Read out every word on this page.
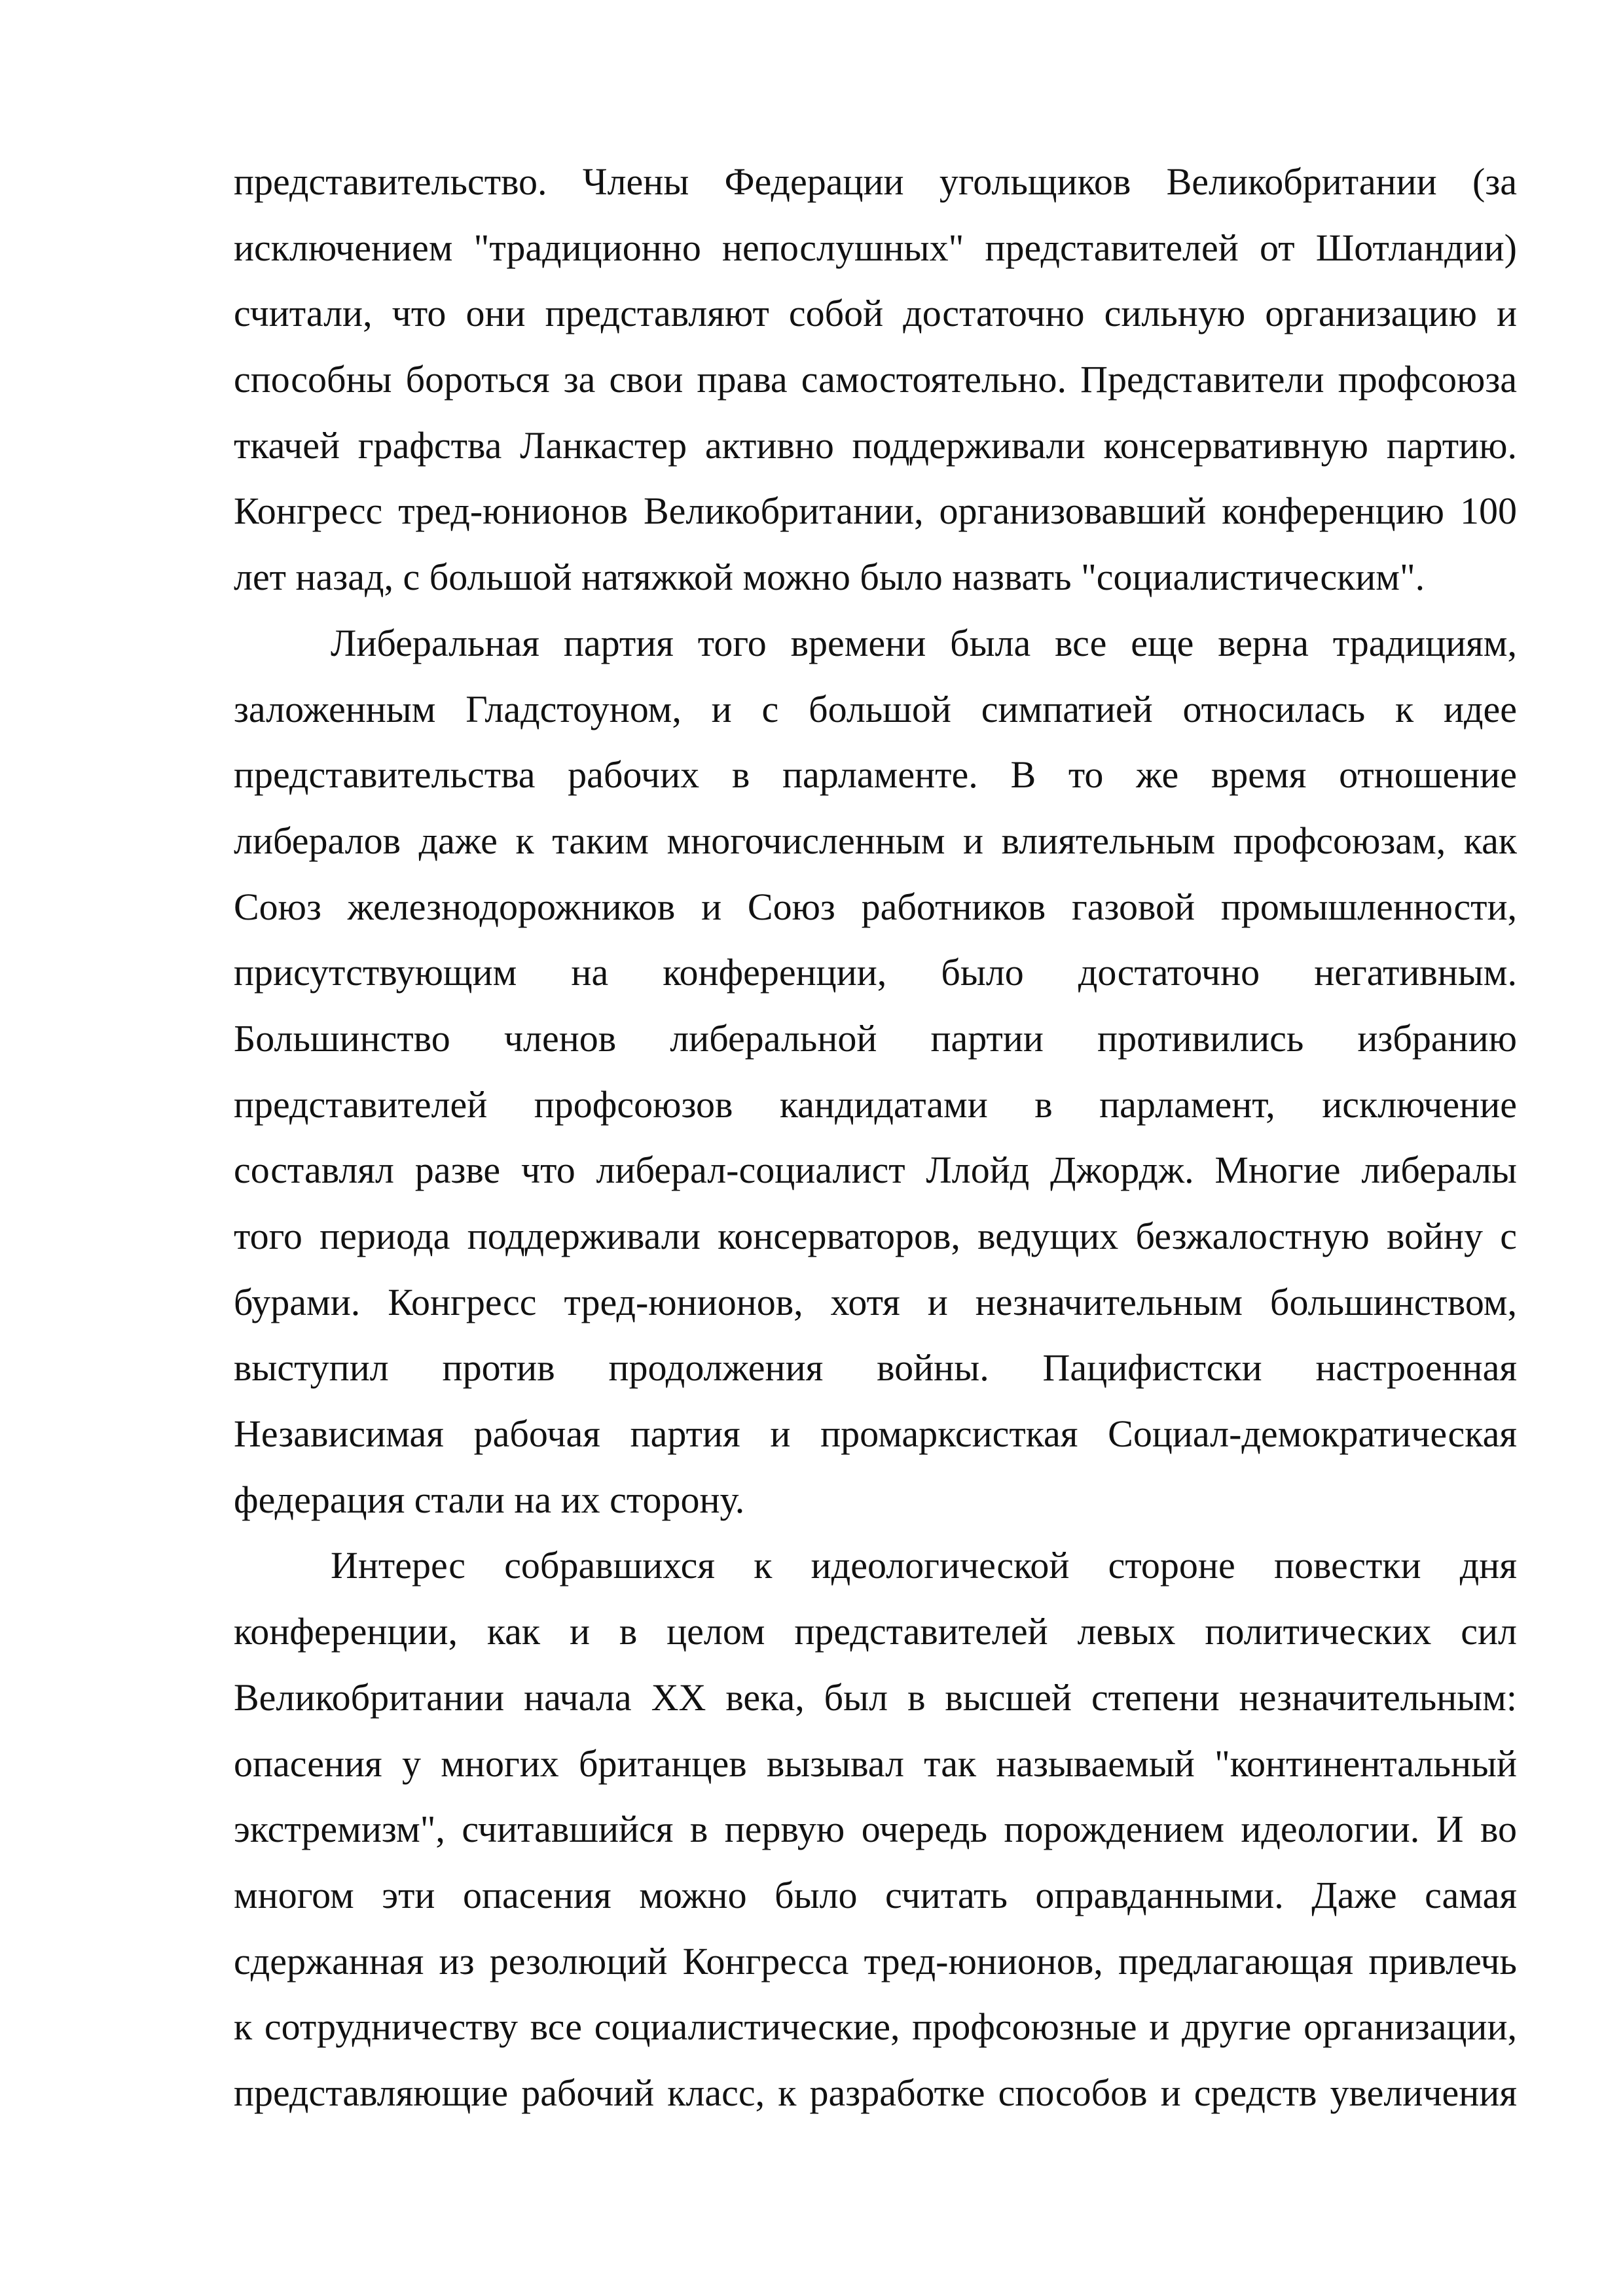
представительство. Члены Федерации угольщиков Великобритании (за
исключением "традиционно непослушных" представителей от Шотландии)
считали, что они представляют собой достаточно сильную организацию и
способны бороться за свои права самостоятельно. Представители профсоюза
ткачей графства Ланкастер активно поддерживали консервативную партию.
Конгресс тред-юнионов Великобритании, организовавший конференцию 100
лет назад, с большой натяжкой можно было назвать "социалистическим".
Либеральная партия того времени была все еще верна традициям,
заложенным Гладстоуном, и с большой симпатией относилась к идее
представительства рабочих в парламенте. В то же время отношение
либералов даже к таким многочисленным и влиятельным профсоюзам, как
Союз железнодорожников и Союз работников газовой промышленности,
присутствующим на конференции, было достаточно негативным.
Большинство членов либеральной партии противились избранию
представителей профсоюзов кандидатами в парламент, исключение
составлял разве что либерал-социалист Ллойд Джордж. Многие либералы
того периода поддерживали консерваторов, ведущих безжалостную войну с
бурами. Конгресс тред-юнионов, хотя и незначительным большинством,
выступил против продолжения войны. Пацифистски настроенная
Независимая рабочая партия и промарксисткая Социал-демократическая
федерация стали на их сторону.
Интерес собравшихся к идеологической стороне повестки дня
конференции, как и в целом представителей левых политических сил
Великобритании начала XX века, был в высшей степени незначительным:
опасения у многих британцев вызывал так называемый "континентальный
экстремизм", считавшийся в первую очередь порождением идеологии. И во
многом эти опасения можно было считать оправданными. Даже самая
сдержанная из резолюций Конгресса тред-юнионов, предлагающая привлечь
к сотрудничеству все социалистические, профсоюзные и другие организации,
представляющие рабочий класс, к разработке способов и средств увеличения
